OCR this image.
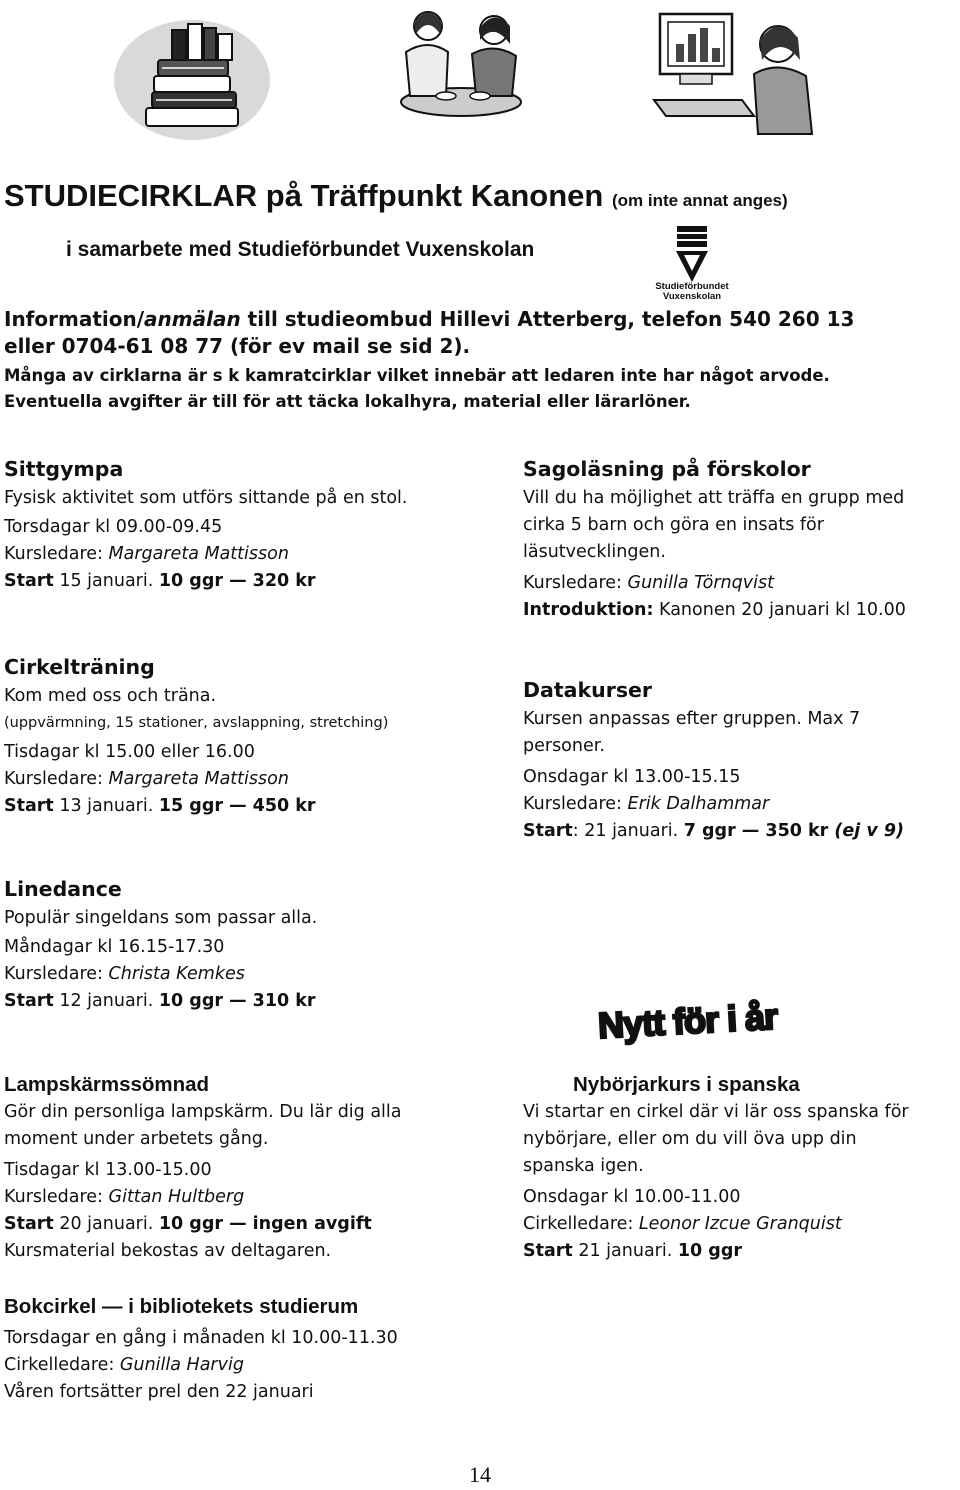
STUDIECIRKLAR på Träffpunkt Kanonen (om inte annat anges)
i samarbete med Studieförbundet Vuxenskolan
Studieförbundet
Vuxenskolan
Information/anmälan till studieombud Hillevi Atterberg, telefon 540 260 13
eller 0704-61 08 77 (för ev mail se sid 2).
Många av cirklarna är s k kamratcirklar vilket innebär att ledaren inte har något arvode.
Eventuella avgifter är till för att täcka lokalhyra, material eller lärarlöner.
Sittgympa
Fysisk aktivitet som utförs sittande på en stol.
Torsdagar kl 09.00-09.45
Kursledare: Margareta Mattisson
Start 15 januari. 10 ggr — 320 kr
Cirkelträning
Kom med oss och träna.
(uppvärmning, 15 stationer, avslappning, stretching)
Tisdagar kl 15.00 eller 16.00
Kursledare: Margareta Mattisson
Start 13 januari. 15 ggr — 450 kr
Linedance
Populär singeldans som passar alla.
Måndagar kl 16.15-17.30
Kursledare: Christa Kemkes
Start 12 januari. 10 ggr — 310 kr
Lampskärmssömnad
Gör din personliga lampskärm. Du lär dig alla
moment under arbetets gång.
Tisdagar kl 13.00-15.00
Kursledare: Gittan Hultberg
Start 20 januari. 10 ggr — ingen avgift
Kursmaterial bekostas av deltagaren.
Bokcirkel — i bibliotekets studierum
Torsdagar en gång i månaden kl 10.00-11.30
Cirkelledare: Gunilla Harvig
Våren fortsätter prel den 22 januari
Sagoläsning på förskolor
Vill du ha möjlighet att träffa en grupp med
cirka 5 barn och göra en insats för
läsutvecklingen.
Kursledare: Gunilla Törnqvist
Introduktion: Kanonen 20 januari kl 10.00
Datakurser
Kursen anpassas efter gruppen. Max 7
personer.
Onsdagar kl 13.00-15.15
Kursledare: Erik Dalhammar
Start: 21 januari. 7 ggr — 350 kr (ej v 9)
Nytt för i år
Nybörjarkurs i spanska
Vi startar en cirkel där vi lär oss spanska för
nybörjare, eller om du vill öva upp din
spanska igen.
Onsdagar kl 10.00-11.00
Cirkelledare: Leonor Izcue Granquist
Start 21 januari. 10 ggr
14
